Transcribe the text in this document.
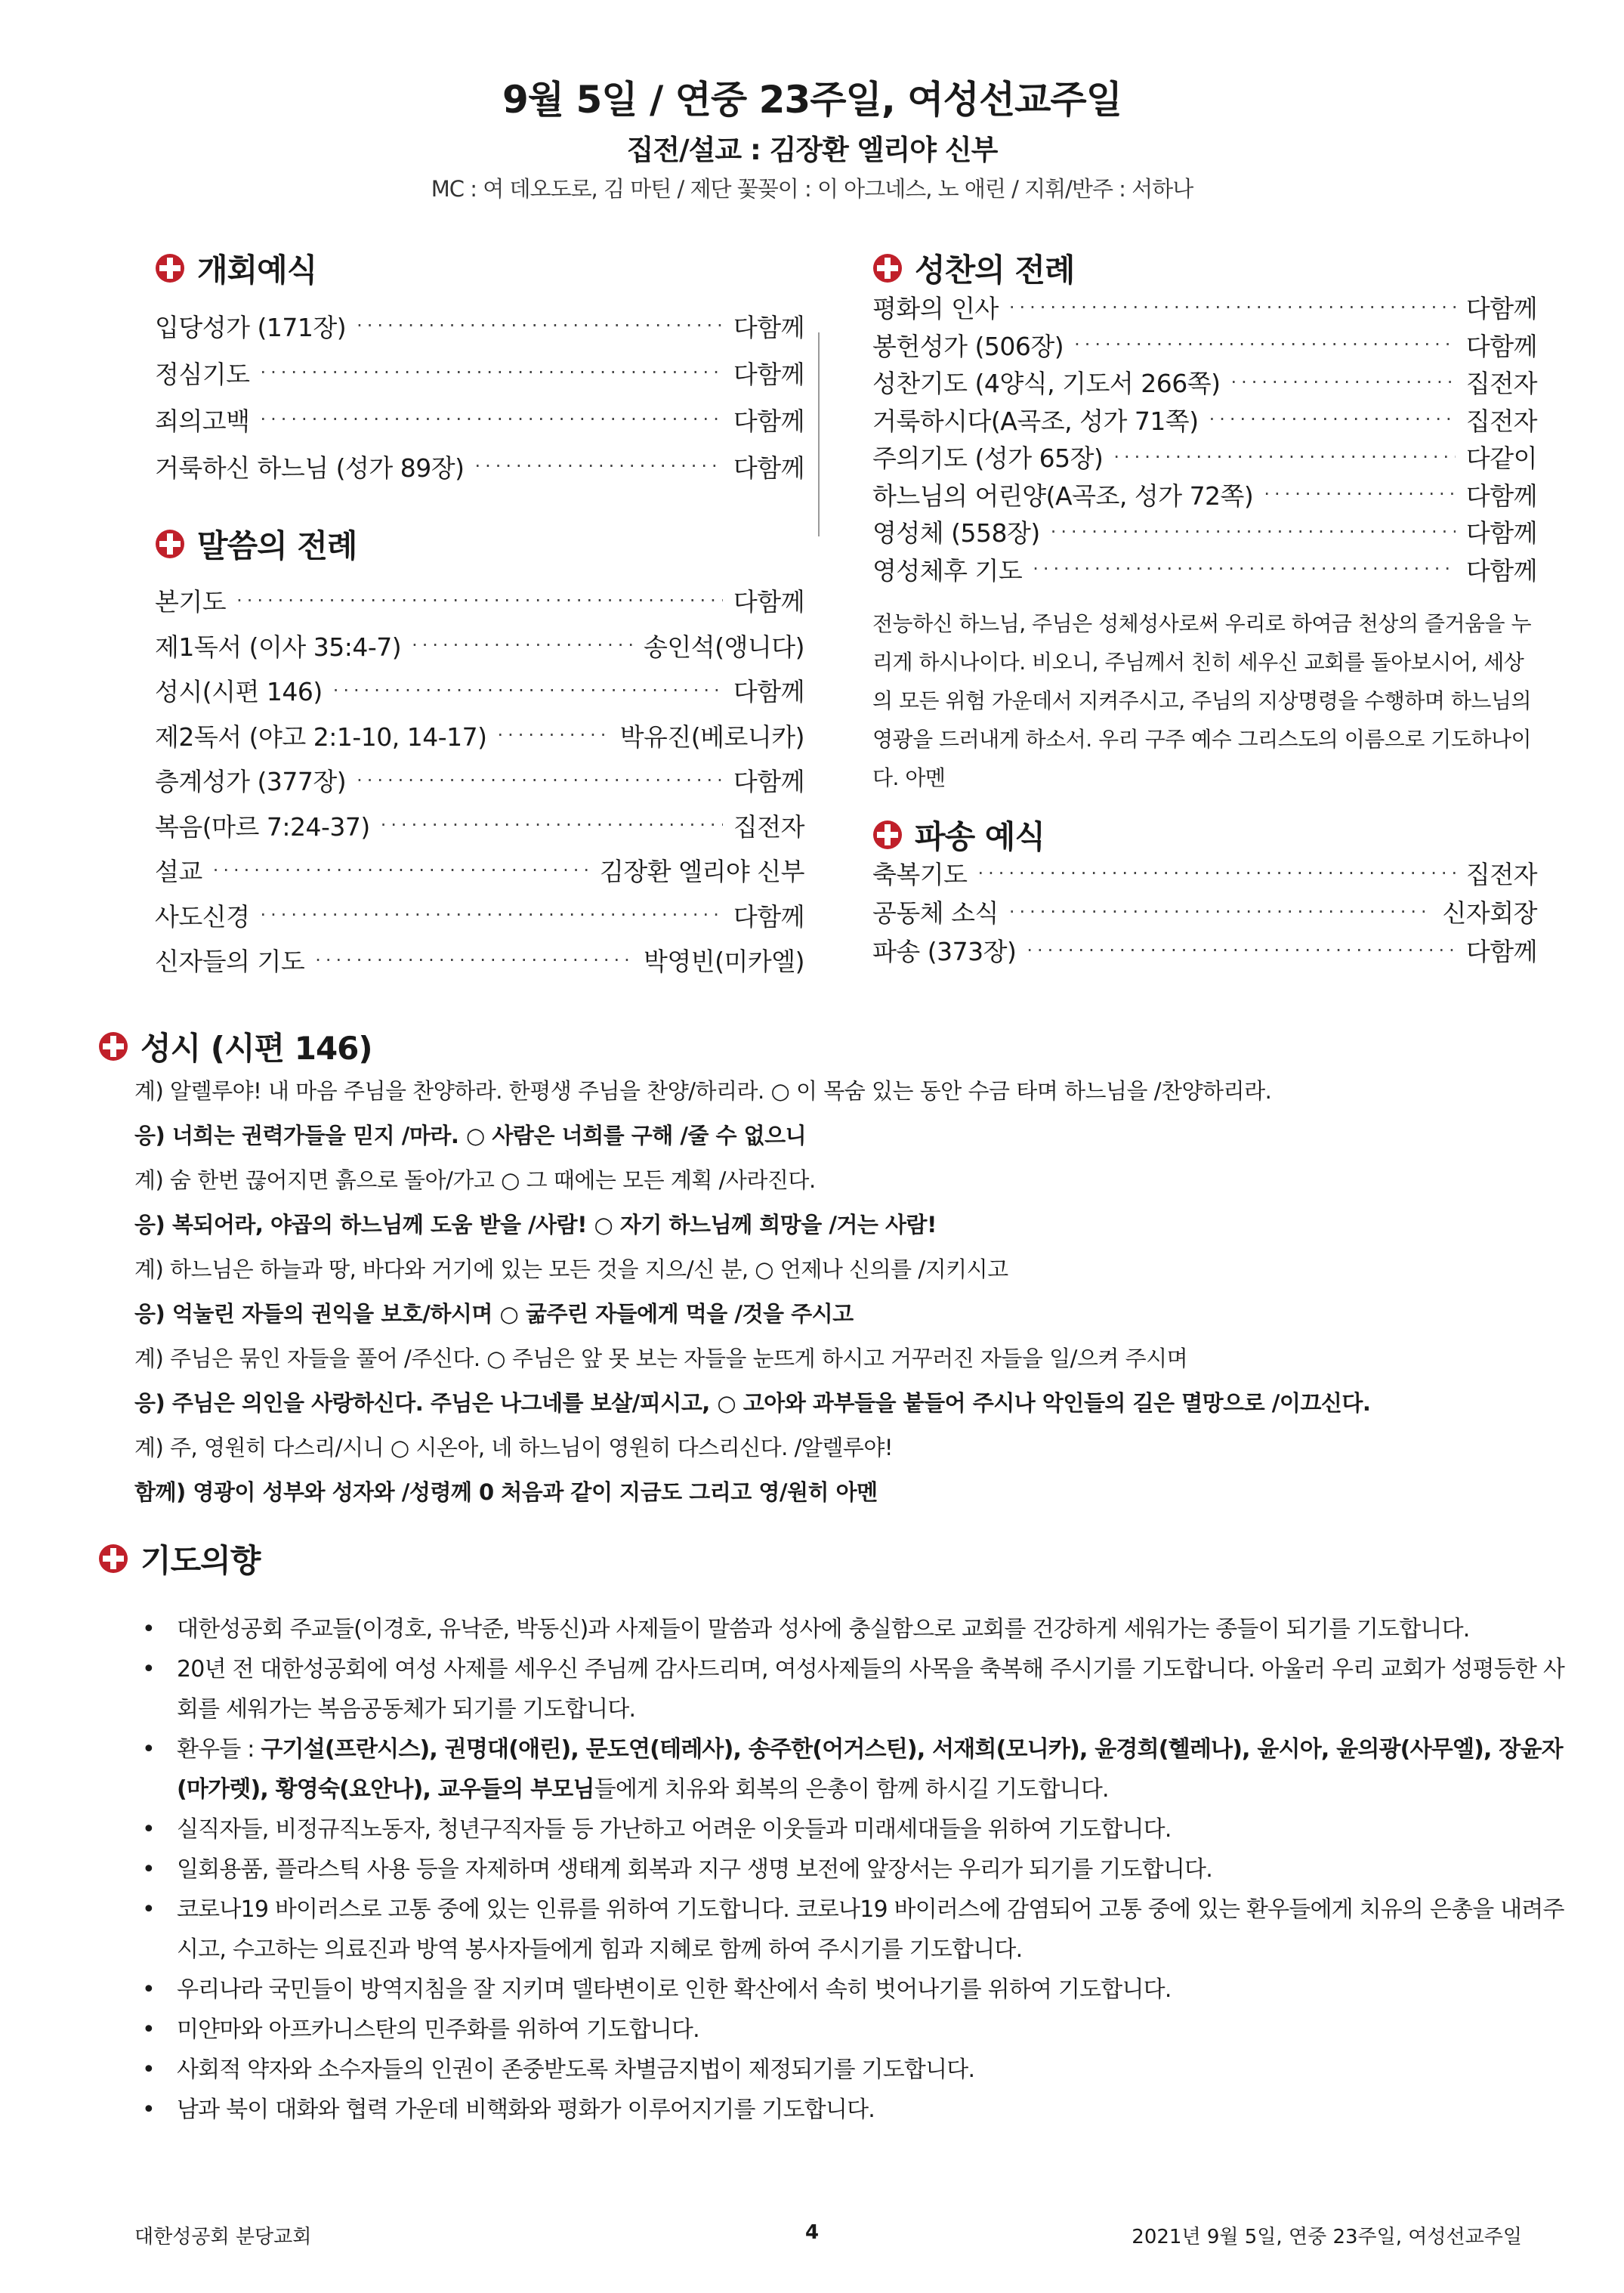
9월 5일 / 연중 23주일, 여성선교주일
집전/설교 : 김장환 엘리야 신부
MC : 여 데오도로, 김 마틴 / 제단 꽃꽂이 : 이 아그네스, 노 애린 / 지휘/반주 : 서하나
개회예식
입당성가 (171장) ·····	다함께
정심기도 ·····	다함께
죄의고백 ·····	다함께
거룩하신 하느님 (성가 89장) ·····	다함께
말씀의 전례
본기도 ·····	다함께
제1독서 (이사 35:4-7) ·····	송인석(앵니다)
성시(시편 146) ·····	다함께
제2독서 (야고 2:1-10, 14-17) ·····	박유진(베로니카)
층계성가 (377장) ·····	다함께
복음(마르 7:24-37) ·····	집전자
설교 ·····	김장환 엘리야 신부
사도신경 ·····	다함께
신자들의 기도 ·····	박영빈(미카엘)
성찬의 전례
평화의 인사 ·····	다함께
봉헌성가 (506장) ·····	다함께
성찬기도 (4양식, 기도서 266쪽) ·····	집전자
거룩하시다(A곡조, 성가 71쪽) ·····	집전자
주의기도 (성가 65장) ·····	다같이
하느님의 어린양(A곡조, 성가 72쪽) ·····	다함께
영성체 (558장) ·····	다함께
영성체후 기도 ·····	다함께
전능하신 하느님, 주님은 성체성사로써 우리로 하여금 천상의 즐거움을 누리게 하시나이다. 비오니, 주님께서 친히 세우신 교회를 돌아보시어, 세상의 모든 위험 가운데서 지켜주시고, 주님의 지상명령을 수행하며 하느님의 영광을 드러내게 하소서. 우리 구주 예수 그리스도의 이름으로 기도하나이다. 아멘
파송 예식
축복기도 ·····	집전자
공동체 소식 ·····	신자회장
파송 (373장) ·····	다함께
성시 (시편 146)
계) 알렐루야! 내 마음 주님을 찬양하라. 한평생 주님을 찬양/하리라. ○ 이 목숨 있는 동안 수금 타며 하느님을 /찬양하리라.
응) 너희는 권력가들을 믿지 /마라. ○ 사람은 너희를 구해 /줄 수 없으니
계) 숨 한번 끊어지면 흙으로 돌아/가고 ○ 그 때에는 모든 계획 /사라진다.
응) 복되어라, 야곱의 하느님께 도움 받을 /사람! ○ 자기 하느님께 희망을 /거는 사람!
계) 하느님은 하늘과 땅, 바다와 거기에 있는 모든 것을 지으/신 분, ○ 언제나 신의를 /지키시고
응) 억눌린 자들의 권익을 보호/하시며 ○ 굶주린 자들에게 먹을 /것을 주시고
계) 주님은 묶인 자들을 풀어 /주신다. ○ 주님은 앞 못 보는 자들을 눈뜨게 하시고 거꾸러진 자들을 일/으켜 주시며
응) 주님은 의인을 사랑하신다. 주님은 나그네를 보살/피시고, ○ 고아와 과부들을 붙들어 주시나 악인들의 길은 멸망으로 /이끄신다.
계) 주, 영원히 다스리/시니 ○ 시온아, 네 하느님이 영원히 다스리신다. /알렐루야!
함께) 영광이 성부와 성자와 /성령께 0 처음과 같이 지금도 그리고 영/원히 아멘
기도의향
• 대한성공회 주교들(이경호, 유낙준, 박동신)과 사제들이 말씀과 성사에 충실함으로 교회를 건강하게 세워가는 종들이 되기를 기도합니다.
• 20년 전 대한성공회에 여성 사제를 세우신 주님께 감사드리며, 여성사제들의 사목을 축복해 주시기를 기도합니다. 아울러 우리 교회가 성평등한 사회를 세워가는 복음공동체가 되기를 기도합니다.
• 환우들 : 구기설(프란시스), 권명대(애린), 문도연(테레사), 송주한(어거스틴), 서재희(모니카), 윤경희(헬레나), 윤시아, 윤의광(사무엘), 장윤자(마가렛), 황영숙(요안나), 교우들의 부모님들에게 치유와 회복의 은총이 함께 하시길 기도합니다.
• 실직자들, 비정규직노동자, 청년구직자들 등 가난하고 어려운 이웃들과 미래세대들을 위하여 기도합니다.
• 일회용품, 플라스틱 사용 등을 자제하며 생태계 회복과 지구 생명 보전에 앞장서는 우리가 되기를 기도합니다.
• 코로나19 바이러스로 고통 중에 있는 인류를 위하여 기도합니다. 코로나19 바이러스에 감염되어 고통 중에 있는 환우들에게 치유의 은총을 내려주시고, 수고하는 의료진과 방역 봉사자들에게 힘과 지혜로 함께 하여 주시기를 기도합니다.
• 우리나라 국민들이 방역지침을 잘 지키며 델타변이로 인한 확산에서 속히 벗어나기를 위하여 기도합니다.
• 미얀마와 아프카니스탄의 민주화를 위하여 기도합니다.
• 사회적 약자와 소수자들의 인권이 존중받도록 차별금지법이 제정되기를 기도합니다.
• 남과 북이 대화와 협력 가운데 비핵화와 평화가 이루어지기를 기도합니다.
대한성공회 분당교회	4	2021년 9월 5일, 연중 23주일, 여성선교주일
